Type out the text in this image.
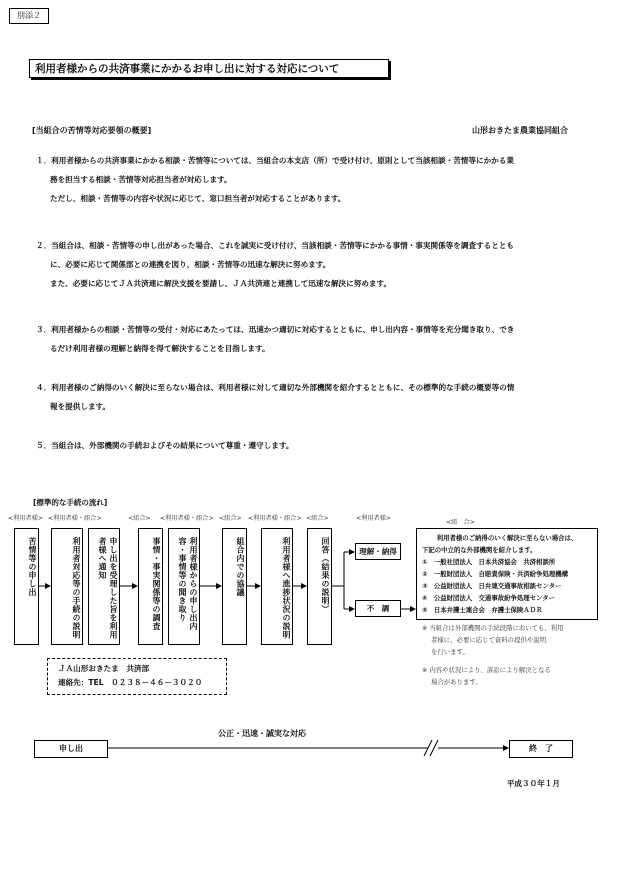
別添２
利用者様からの共済事業にかかるお申し出に対する対応について
[当組合の苦情等対応要領の概要]	山形おきたま農業協同組合
１．利用者様からの共済事業にかかる相談・苦情等については、当組合の本支店（所）で受け付け、原則として当該相談・苦情等にかかる業
務を担当する相談・苦情等対応担当者が対応します。
ただし、相談・苦情等の内容や状況に応じて、窓口担当者が対応することがあります。
２．当組合は、相談・苦情等の申し出があった場合、これを誠実に受け付け、当該相談・苦情等にかかる事情・事実関係等を調査するととも
に、必要に応じて関係部との連携を図り、相談・苦情等の迅速な解決に努めます。
また、必要に応じてＪＡ共済連に解決支援を要請し、ＪＡ共済連と連携して迅速な解決に努めます。
３．利用者様からの相談・苦情等の受付・対応にあたっては、迅速かつ適切に対応するとともに、申し出内容・事情等を充分聞き取り、でき
るだけ利用者様の理解と納得を得て解決することを目指します。
４．利用者様のご納得のいく解決に至らない場合は、利用者様に対して適切な外部機関を紹介するとともに、その標準的な手続の概要等の情
報を提供します。
５．当組合は、外部機関の手続およびその結果について尊重・遵守します。
[標準的な手続の流れ]
<利用者様> <利用者様・組合>	<組合> <利用者様・組合> <組合> <利用者様・組合> <組合>	<利用者様>
<組　合>
苦情等の申し出	利用者対応等の手続の説明	申し出を受理した旨を利用者様へ通知	事情・事実関係等の調査	利用者様からの申し出内容・事情等の聞き取り	組合内での協議	利用者様へ進捗状況の説明	回答（結果の説明）	理解・納得
不　調
利用者様のご納得のいく解決に至らない場合は、
下記の中立的な外部機関を紹介します。
①　 一般社団法人　日本共済協会　共済相談所
②　 一般財団法人　自賠責保険・共済紛争処理機構
③　 公益財団法人　日弁連交通事故相談センター
④　 公益財団法人　交通事故紛争処理センター
⑤　 日本弁護士連合会　弁護士保険ＡＤＲ
※ 当組合は外部機関の手続段階においても、利用
者様に、必要に応じて資料の提供や説明
を行います。
※ 内容や状況により、訴訟により解決となる
場合があります。
ＪＡ山形おきたま　共済部
連絡先：TEL　０２３８－４６－３０２０
申し出
公正・迅速・誠実な対応
終　了
平成３０年１月
